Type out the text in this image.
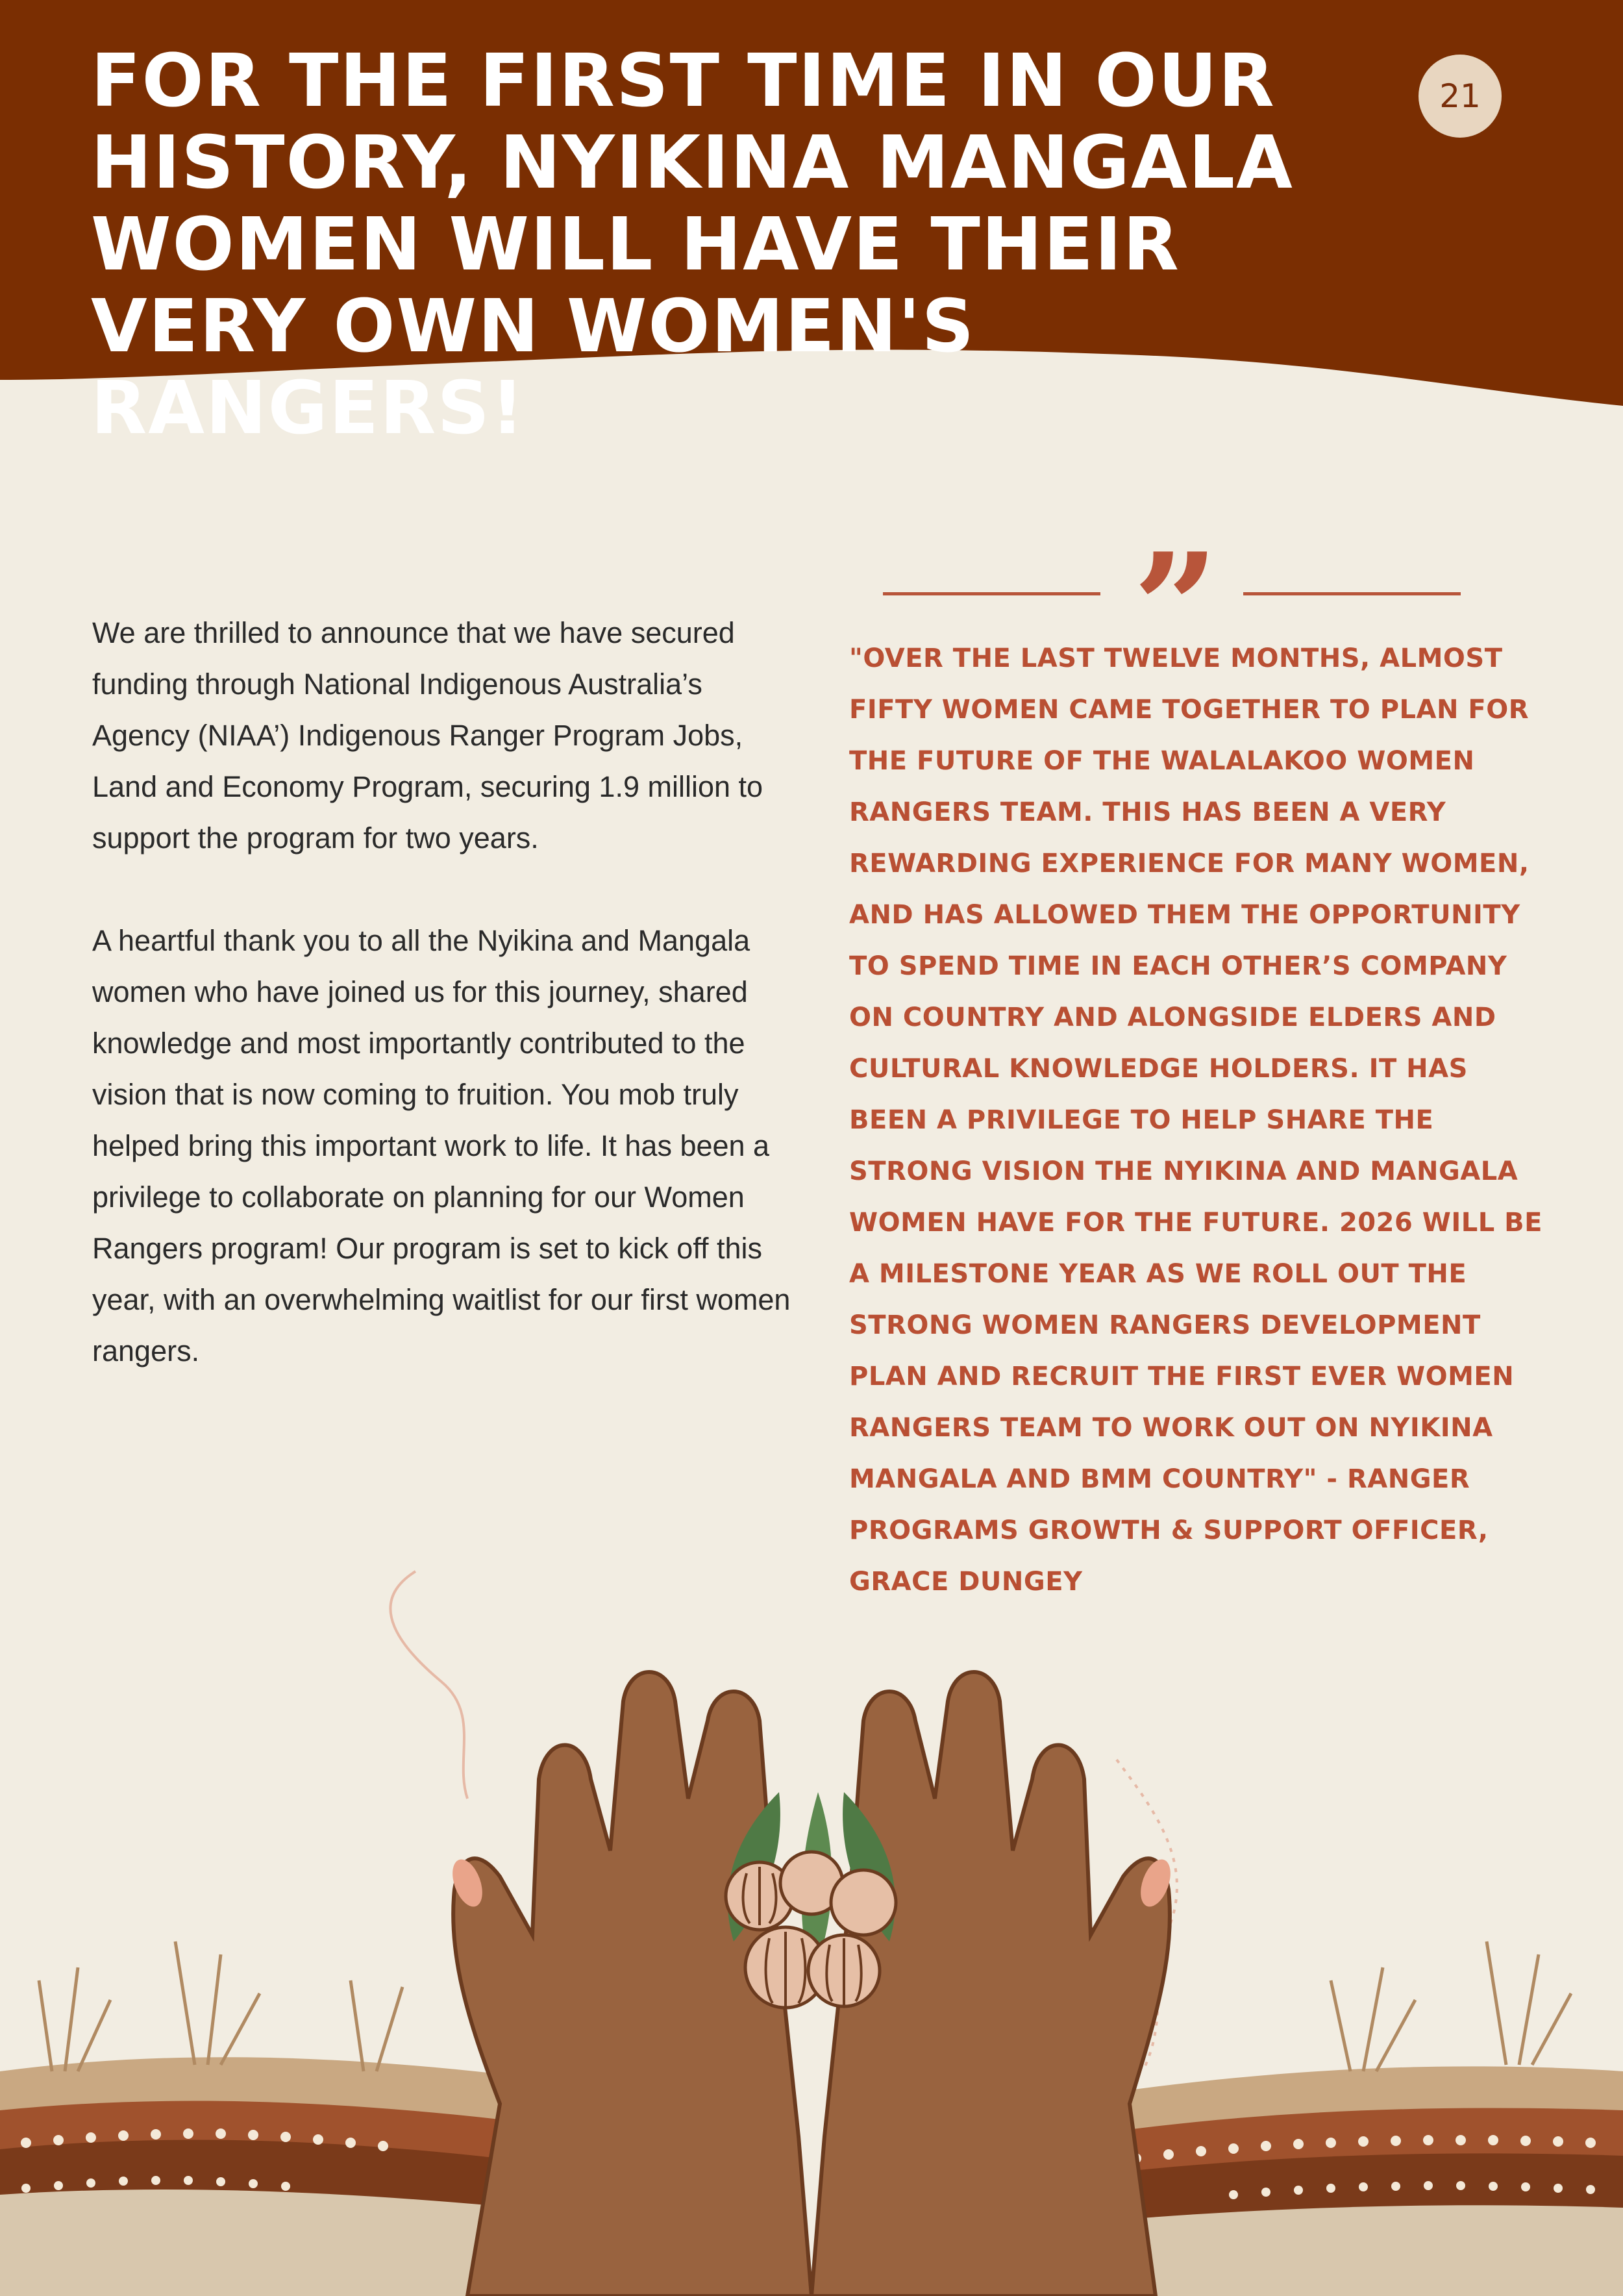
FOR THE FIRST TIME IN OUR HISTORY, NYIKINA MANGALA WOMEN WILL HAVE THEIR VERY OWN WOMEN'S RANGERS!
21

We are thrilled to announce that we have secured funding through National Indigenous Australia’s Agency (NIAA’) Indigenous Ranger Program Jobs, Land and Economy Program, securing 1.9 million to support the program for two years.

A heartful thank you to all the Nyikina and Mangala women who have joined us for this journey, shared knowledge and most importantly contributed to the vision that is now coming to fruition. You mob truly helped bring this important work to life. It has been a privilege to collaborate on planning for our Women Rangers program! Our program is set to kick off this year, with an overwhelming waitlist for our first women rangers.

”

"OVER THE LAST TWELVE MONTHS, ALMOST FIFTY WOMEN CAME TOGETHER TO PLAN FOR THE FUTURE OF THE WALALAKOO WOMEN RANGERS TEAM. THIS HAS BEEN A VERY REWARDING EXPERIENCE FOR MANY WOMEN, AND HAS ALLOWED THEM THE OPPORTUNITY TO SPEND TIME IN EACH OTHER’S COMPANY ON COUNTRY AND ALONGSIDE ELDERS AND CULTURAL KNOWLEDGE HOLDERS. IT HAS BEEN A PRIVILEGE TO HELP SHARE THE STRONG VISION THE NYIKINA AND MANGALA WOMEN HAVE FOR THE FUTURE. 2026 WILL BE A MILESTONE YEAR AS WE ROLL OUT THE STRONG WOMEN RANGERS DEVELOPMENT PLAN AND RECRUIT THE FIRST EVER WOMEN RANGERS TEAM TO WORK OUT ON NYIKINA MANGALA AND BMM COUNTRY" - RANGER PROGRAMS GROWTH & SUPPORT OFFICER, GRACE DUNGEY
